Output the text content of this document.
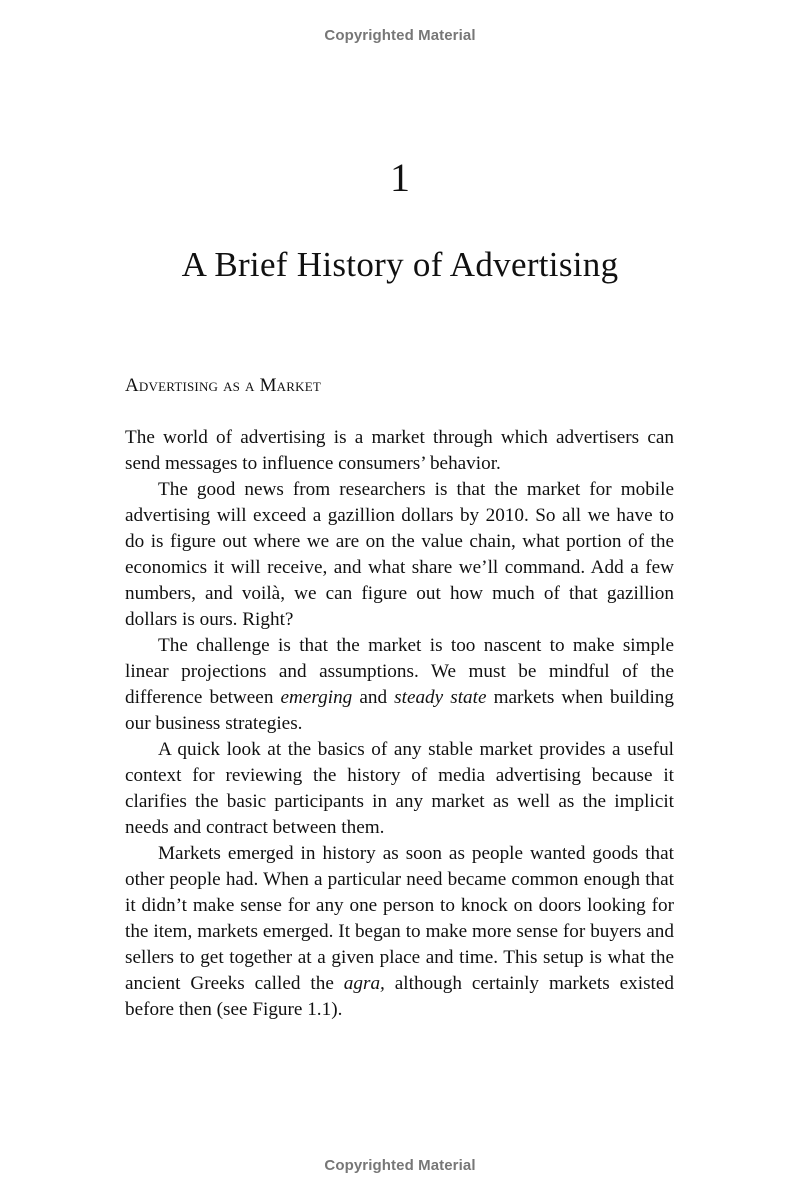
Copyrighted Material
1
A Brief History of Advertising
Advertising as a Market

The world of advertising is a market through which advertisers can send messages to influence consumers’ behavior.

The good news from researchers is that the market for mobile advertising will exceed a gazillion dollars by 2010. So all we have to do is figure out where we are on the value chain, what portion of the economics it will receive, and what share we’ll command. Add a few numbers, and voilà, we can figure out how much of that gazillion dollars is ours. Right?

The challenge is that the market is too nascent to make simple linear projections and assumptions. We must be mindful of the difference between emerging and steady state markets when building our business strategies.

A quick look at the basics of any stable market provides a useful context for reviewing the history of media advertising because it clarifies the basic participants in any market as well as the implicit needs and contract between them.

Markets emerged in history as soon as people wanted goods that other people had. When a particular need became common enough that it didn’t make sense for any one person to knock on doors looking for the item, markets emerged. It began to make more sense for buyers and sellers to get together at a given place and time. This setup is what the ancient Greeks called the agra, although certainly markets existed before then (see Figure 1.1).

Copyrighted Material
